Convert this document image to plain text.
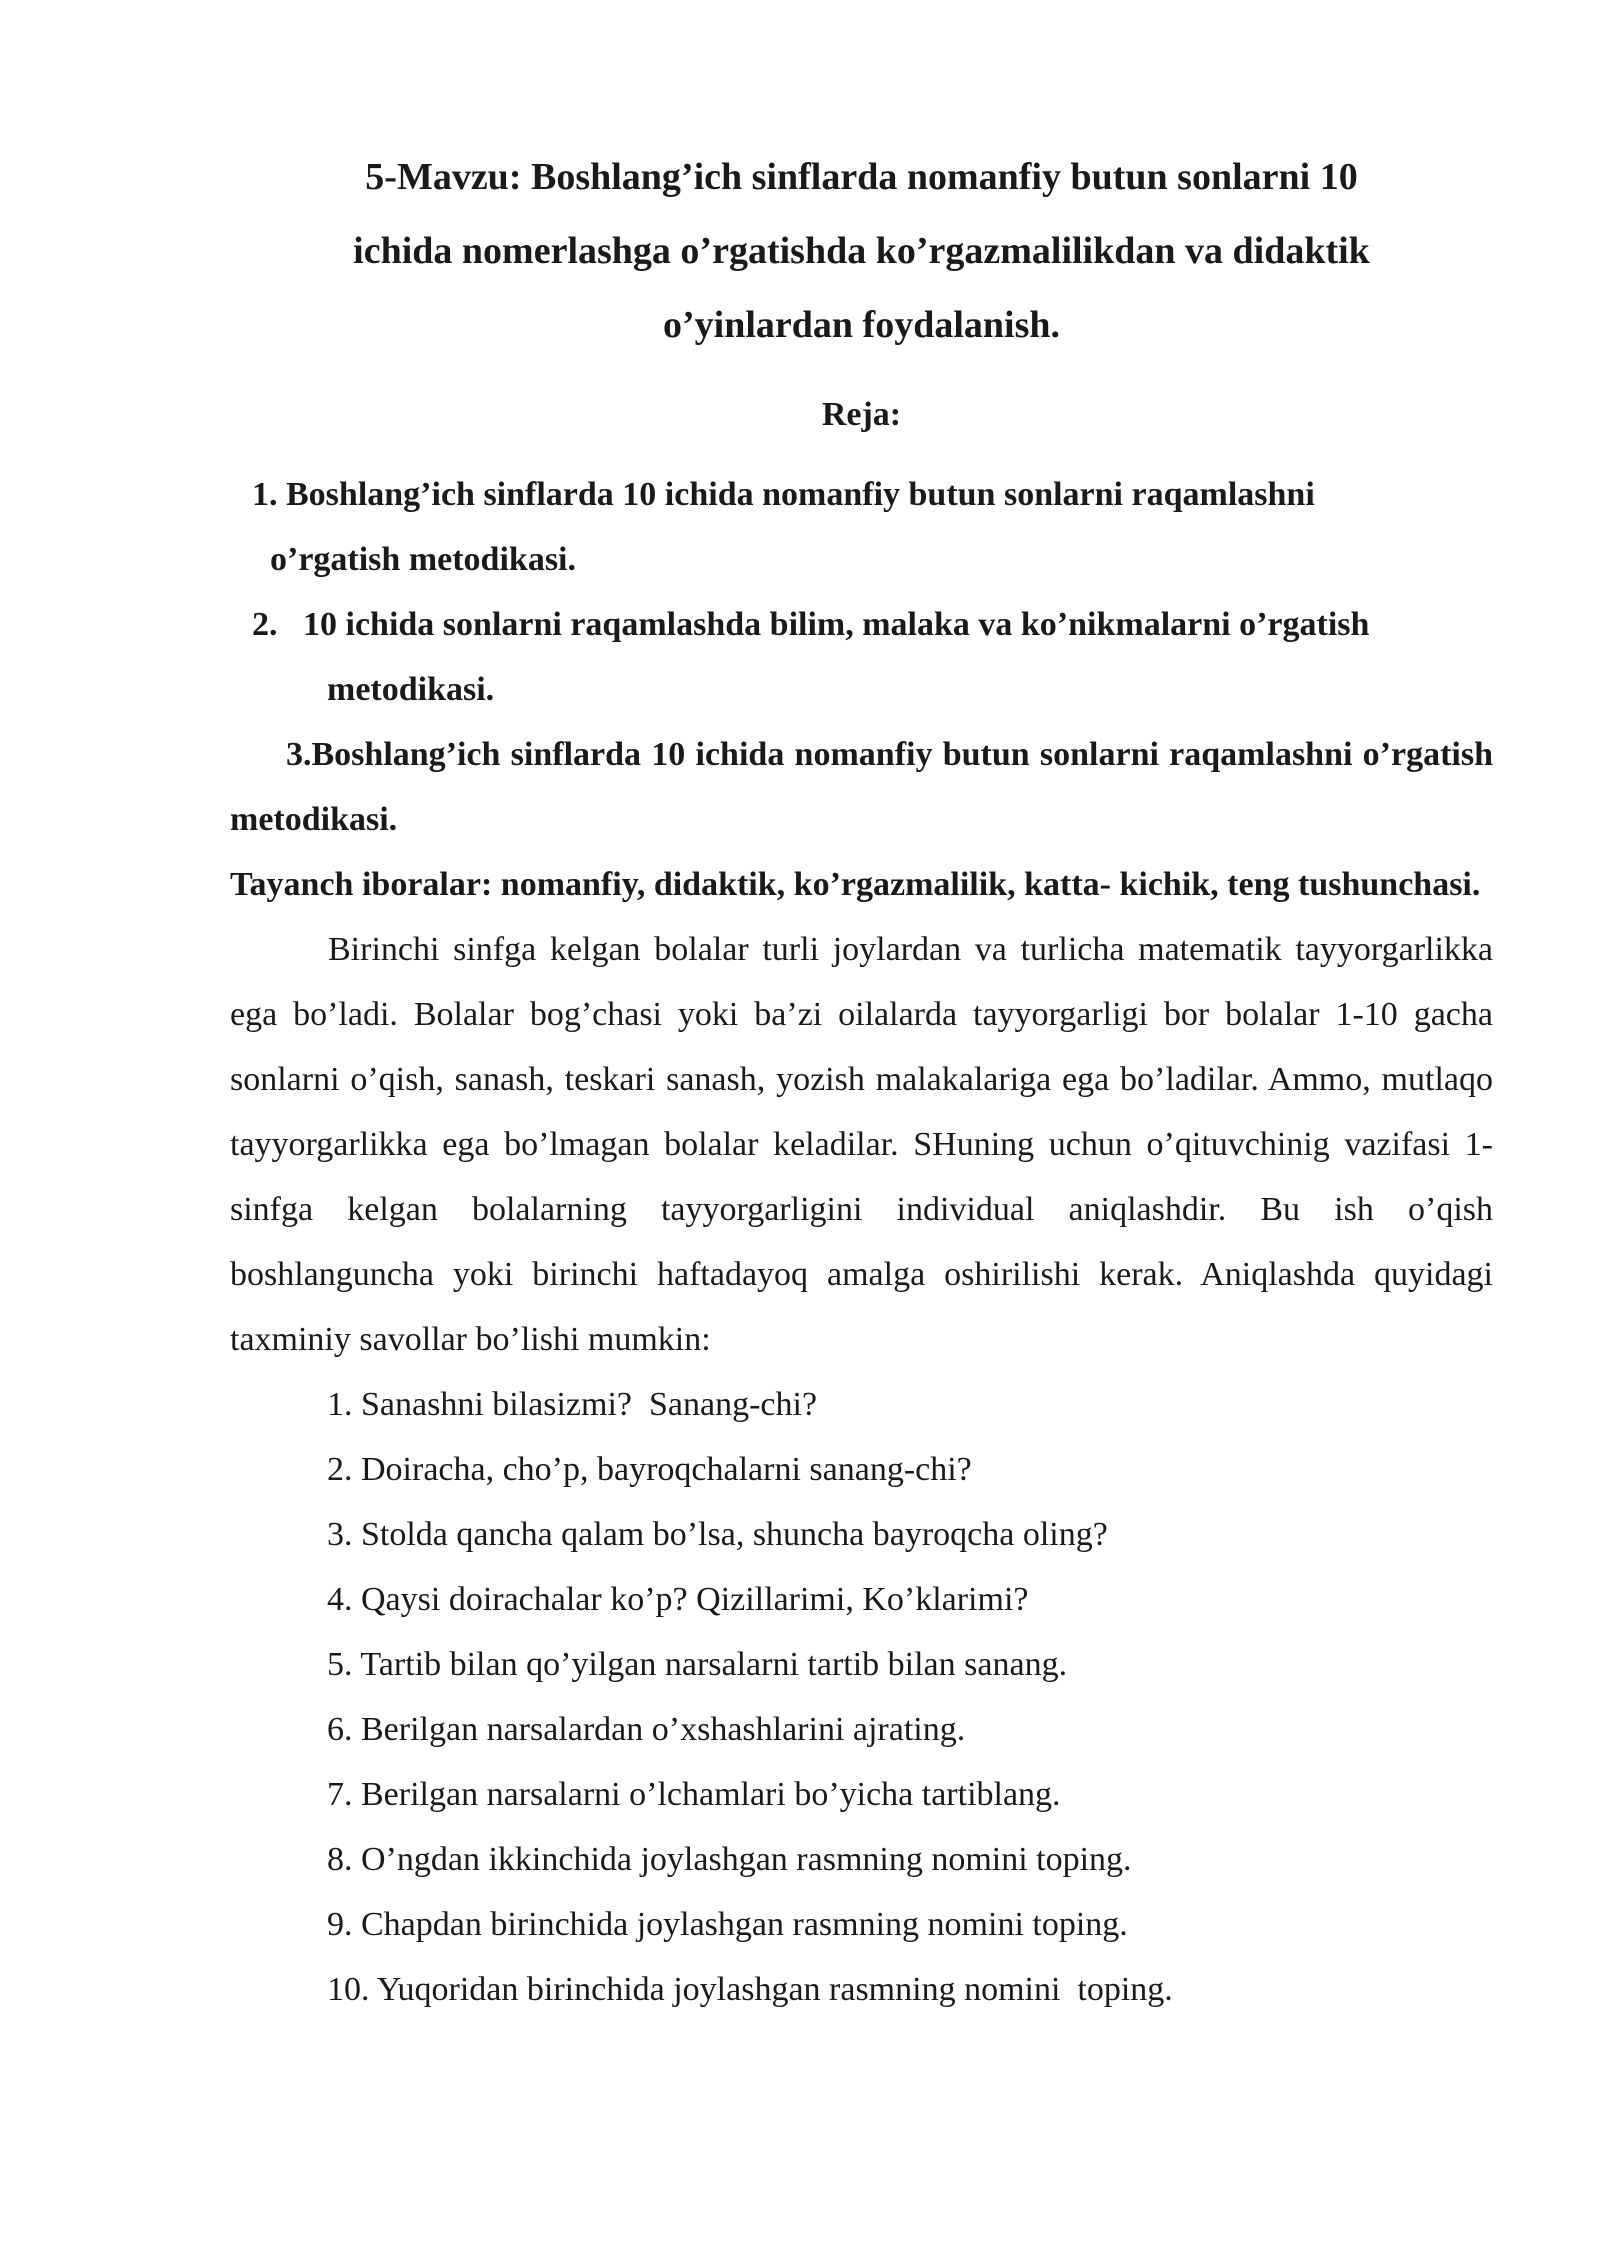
5-Mavzu: Boshlang’ich sinflarda nomanfiy butun sonlarni 10
ichida nomerlashga o’rgatishda ko’rgazmalilikdan va didaktik
o’yinlardan foydalanish.
Reja:
1. Boshlang’ich sinflarda 10 ichida nomanfiy butun sonlarni raqamlashni
o’rgatish metodikasi.
2. 10 ichida sonlarni raqamlashda bilim, malaka va ko’nikmalarni o’rgatish
metodikasi.
3.Boshlang’ich sinflarda 10 ichida nomanfiy butun sonlarni raqamlashni o’rgatish metodikasi.
Tayanch iboralar: nomanfiy, didaktik, ko’rgazmalilik, katta- kichik, teng tushunchasi.

Birinchi sinfga kelgan bolalar turli joylardan va turlicha matematik tayyorgarlikka ega bo’ladi. Bolalar bog’chasi yoki ba’zi oilalarda tayyorgarligi bor bolalar 1-10 gacha sonlarni o’qish, sanash, teskari sanash, yozish malakalariga ega bo’ladilar. Ammo, mutlaqo tayyorgarlikka ega bo’lmagan bolalar keladilar. SHuning uchun o’qituvchinig vazifasi 1-sinfga kelgan bolalarning tayyorgarligini individual aniqlashdir. Bu ish o’qish boshlanguncha yoki birinchi haftadayoq amalga oshirilishi kerak. Aniqlashda quyidagi taxminiy savollar bo’lishi mumkin:

1. Sanashni bilasizmi?  Sanang-chi?
2. Doiracha, cho’p, bayroqchalarni sanang-chi?
3. Stolda qancha qalam bo’lsa, shuncha bayroqcha oling?
4. Qaysi doirachalar ko’p? Qizillarimi, Ko’klarimi?
5. Tartib bilan qo’yilgan narsalarni tartib bilan sanang.
6. Berilgan narsalardan o’xshashlarini ajrating.
7. Berilgan narsalarni o’lchamlari bo’yicha tartiblang.
8. O’ngdan ikkinchida joylashgan rasmning nomini toping.
9. Chapdan birinchida joylashgan rasmning nomini toping.
10. Yuqoridan birinchida joylashgan rasmning nomini  toping.
